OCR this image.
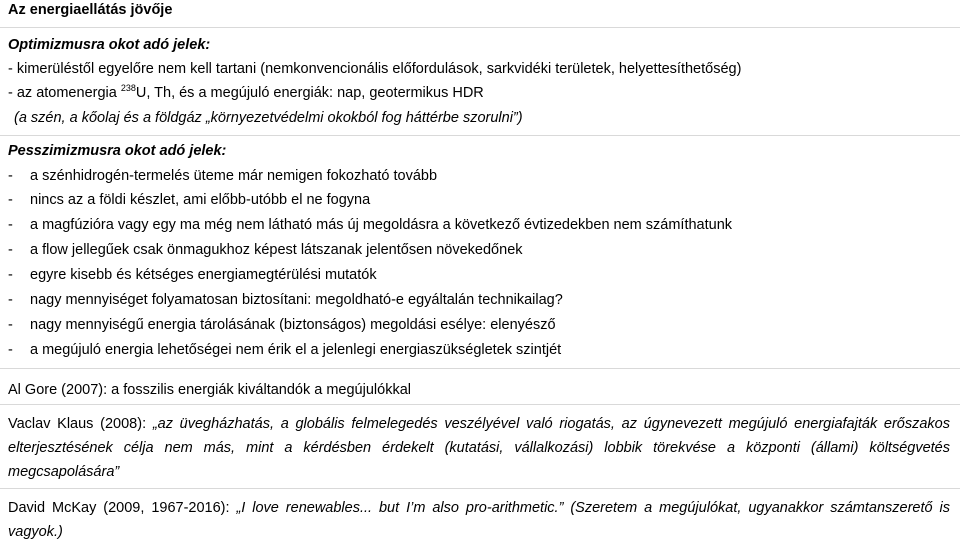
Az energiaellátás jövője
Optimizmusra okot adó jelek:
- kimerüléstől egyelőre nem kell tartani (nemkonvencionális előfordulások, sarkvidéki területek, helyettesíthetőség)
- az atomenergia $^{238}$U, Th, és a megújuló energiák: nap, geotermikus HDR
(a szén, a kőolaj és a földgáz „környezetvédelmi okokból fog háttérbe szorulni”)
Pesszimizmusra okot adó jelek:
- a szénhidrogén-termelés üteme már nemigen fokozható tovább
- nincs az a földi készlet, ami előbb-utóbb el ne fogyna
- a magfúzióra vagy egy ma még nem látható más új megoldásra a következő évtizedekben nem számíthatunk
- a flow jellegűek csak önmagukhoz képest látszanak jelentősen növekedőnek
- egyre kisebb és kétséges energiamegtérülési mutatók
- nagy mennyiséget folyamatosan biztosítani: megoldható-e egyáltalán technikailag?
- nagy mennyiségű energia tárolásának (biztonságos) megoldási esélye: elenyésző
- a megújuló energia lehetőségei nem érik el a jelenlegi energiaszükségletek szintjét
Al Gore (2007): a fosszilis energiák kiváltandók a megújulókkal
Vaclav Klaus (2008): „az üvegházhatás, a globális felmelegedés veszélyével való riogatás, az úgynevezett megújuló energiafajták erőszakos elterjesztésének célja nem más, mint a kérdésben érdekelt (kutatási, vállalkozási) lobbik törekvése a központi (állami) költségvetés megcsapolására”
David McKay (2009, 1967-2016): „I love renewables... but I’m also pro-arithmetic.” (Szeretem a megújulókat, ugyanakkor számtanszerető is vagyok.)
